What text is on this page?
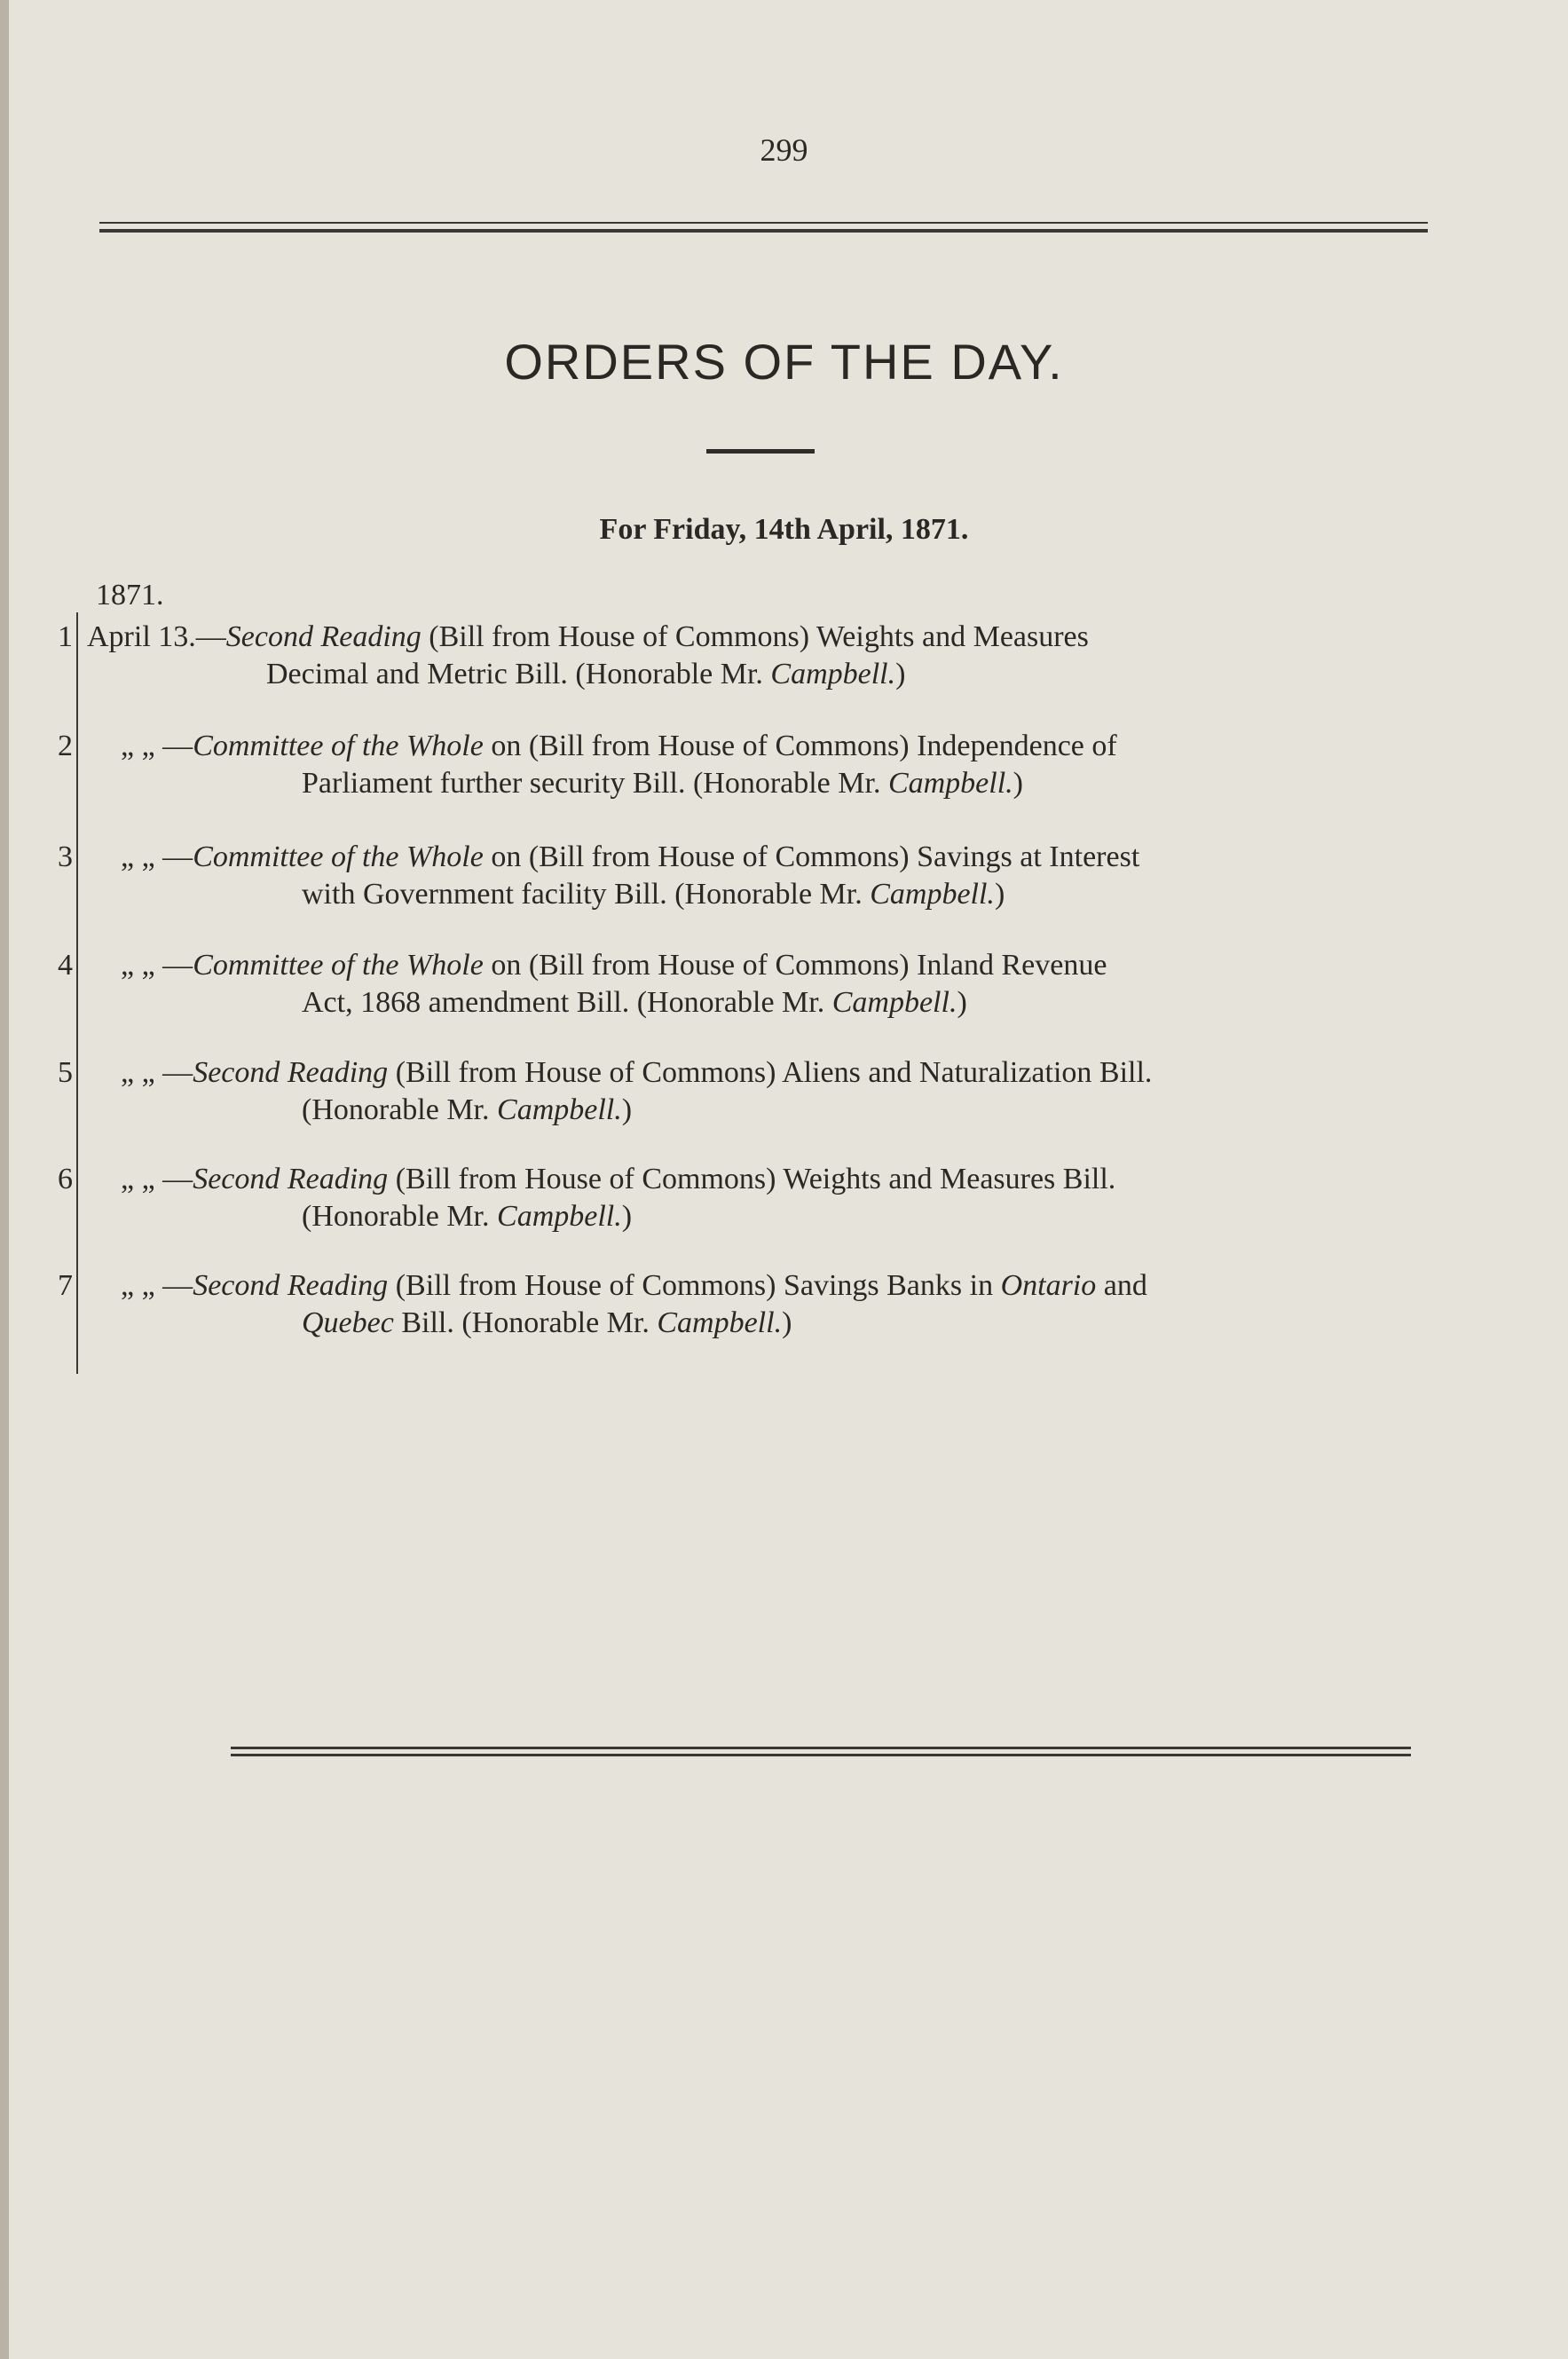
299
ORDERS OF THE DAY.
For Friday, 14th April, 1871.
1871.
1 April 13.—Second Reading (Bill from House of Commons) Weights and Measures
Decimal and Metric Bill. (Honorable Mr. Campbell.)
2 „ „ —Committee of the Whole on (Bill from House of Commons) Independence of
Parliament further security Bill. (Honorable Mr. Campbell.)
3 „ „ —Committee of the Whole on (Bill from House of Commons) Savings at Interest
with Government facility Bill. (Honorable Mr. Campbell.)
4 „ „ —Committee of the Whole on (Bill from House of Commons) Inland Revenue
Act, 1868 amendment Bill. (Honorable Mr. Campbell.)
5 „ „ —Second Reading (Bill from House of Commons) Aliens and Naturalization Bill.
(Honorable Mr. Campbell.)
6 „ „ —Second Reading (Bill from House of Commons) Weights and Measures Bill.
(Honorable Mr. Campbell.)
7 „ „ —Second Reading (Bill from House of Commons) Savings Banks in Ontario and
Quebec Bill. (Honorable Mr. Campbell.)
